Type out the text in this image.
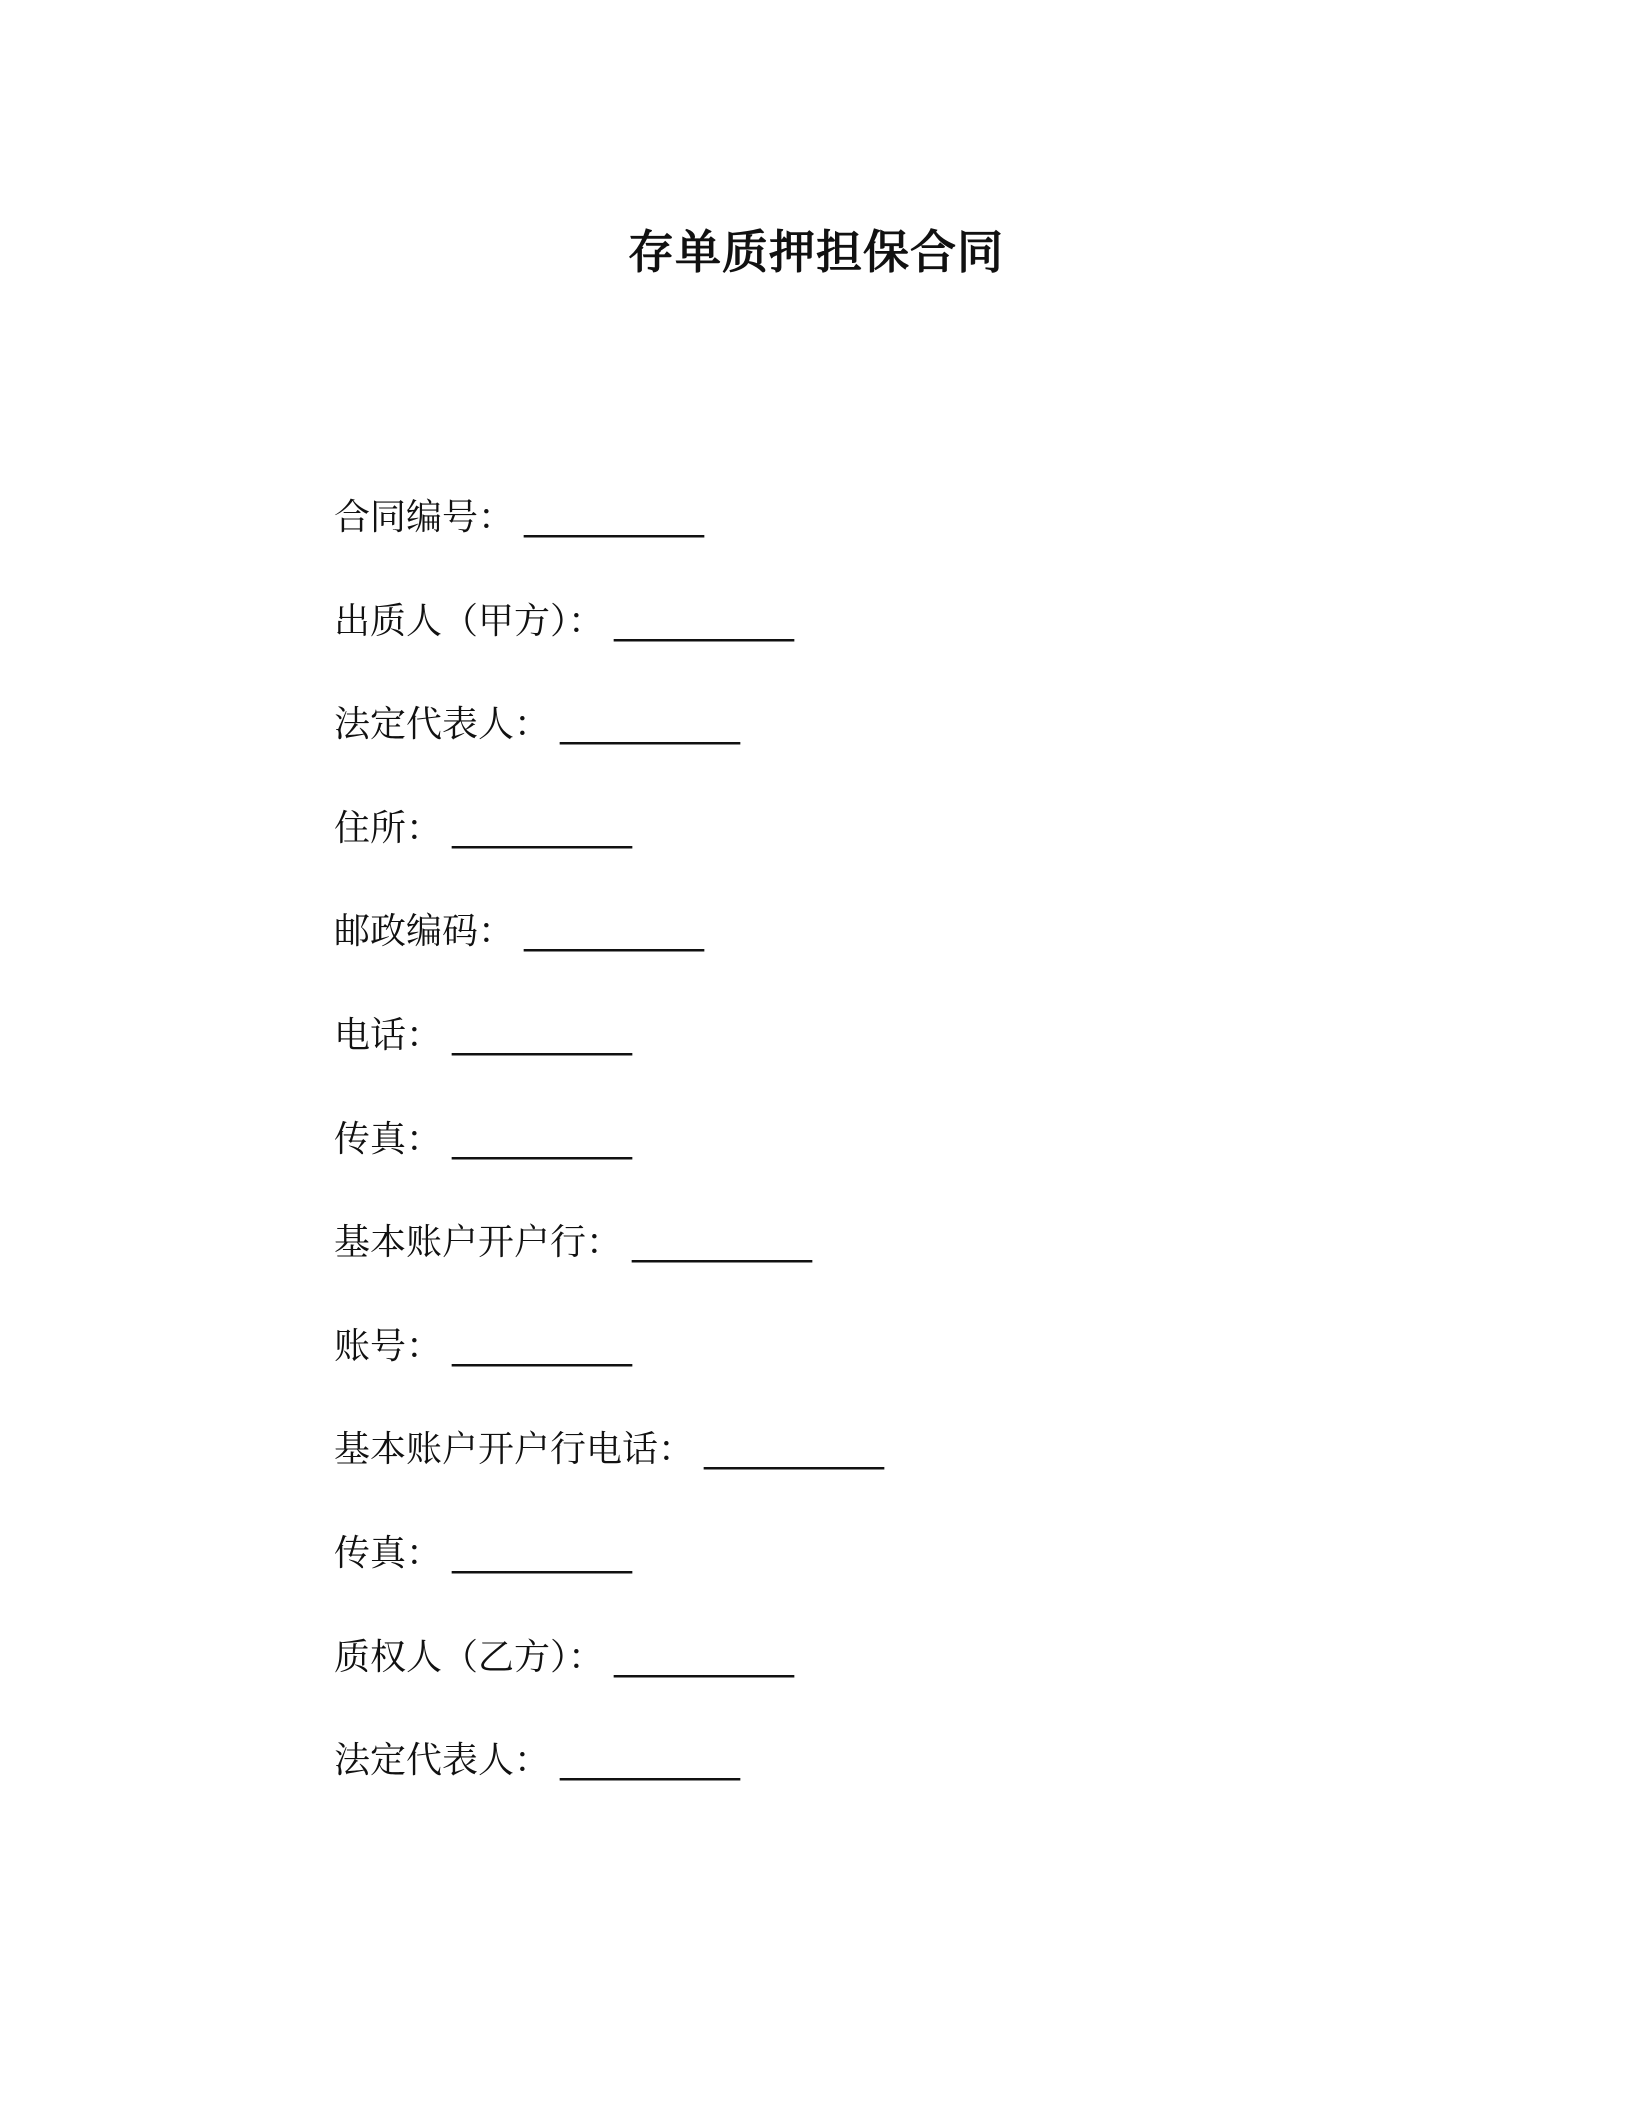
存单质押担保合同
合同编号： __________
出质人（甲方）： __________
法定代表人： __________
住所： __________
邮政编码： __________
电话： __________
传真： __________
基本账户开户行： __________
账号： __________
基本账户开户行电话： __________
传真： __________
质权人（乙方）： __________
法定代表人： __________
